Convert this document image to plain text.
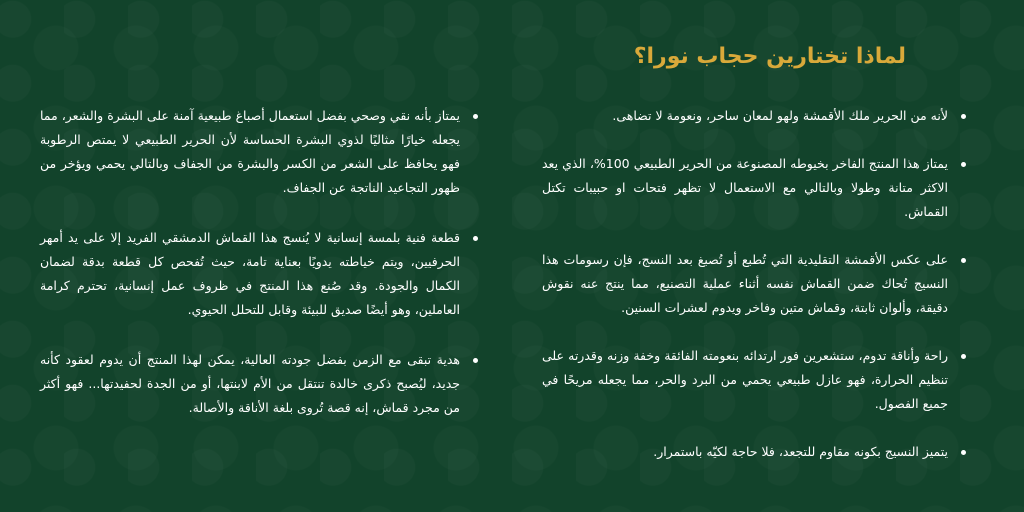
لماذا تختارين حجاب نورا؟
لأنه من الحرير ملك الأقمشة ولهو لمعان ساحر، ونعومة لا تضاهى.
يمتاز هذا المنتج الفاخر بخيوطه المصنوعة من الحرير الطبيعي 100%، الذي يعد الاكثر متانة وطولا وبالتالي مع الاستعمال لا تظهر فتحات او حبيبات تكتل القماش.
على عكس الأقمشة التقليدية التي تُطبع أو تُصبغ بعد النسج، فإن رسومات هذا النسيج تُحاك ضمن القماش نفسه أثناء عملية التصنيع، مما ينتج عنه نقوش دقيقة، وألوان ثابتة، وقماش متين وفاخر ويدوم لعشرات السنين.
راحة وأناقة تدوم، ستشعرين فور ارتدائه بنعومته الفائقة وخفة وزنه وقدرته على تنظيم الحرارة، فهو عازل طبيعي يحمي من البرد والحر، مما يجعله مريحًا في جميع الفصول.
يتميز النسيج بكونه مقاوم للتجعد، فلا حاجة لكيّه باستمرار.
يمتاز بأنه نقي وصحي بفضل استعمال أصباغ طبيعية آمنة على البشرة والشعر، مما يجعله خيارًا مثاليًا لذوي البشرة الحساسة لأن الحرير الطبيعي لا يمتص الرطوبة فهو يحافظ على الشعر من الكسر والبشرة من الجفاف وبالتالي يحمي ويؤخر من ظهور التجاعيد الناتجة عن الجفاف.
قطعة فنية بلمسة إنسانية لا يُنسج هذا القماش الدمشقي الفريد إلا على يد أمهر الحرفيين، ويتم خياطته يدويًا بعناية تامة، حيث تُفحص كل قطعة بدقة لضمان الكمال والجودة. وقد صُنع هذا المنتج في ظروف عمل إنسانية، تحترم كرامة العاملين، وهو أيضًا صديق للبيئة وقابل للتحلل الحيوي.
هدية تبقى مع الزمن بفضل جودته العالية، يمكن لهذا المنتج أن يدوم لعقود كأنه جديد، ليُصبح ذكرى خالدة تنتقل من الأم لابنتها، أو من الجدة لحفيدتها... فهو أكثر من مجرد قماش، إنه قصة تُروى بلغة الأناقة والأصالة.
